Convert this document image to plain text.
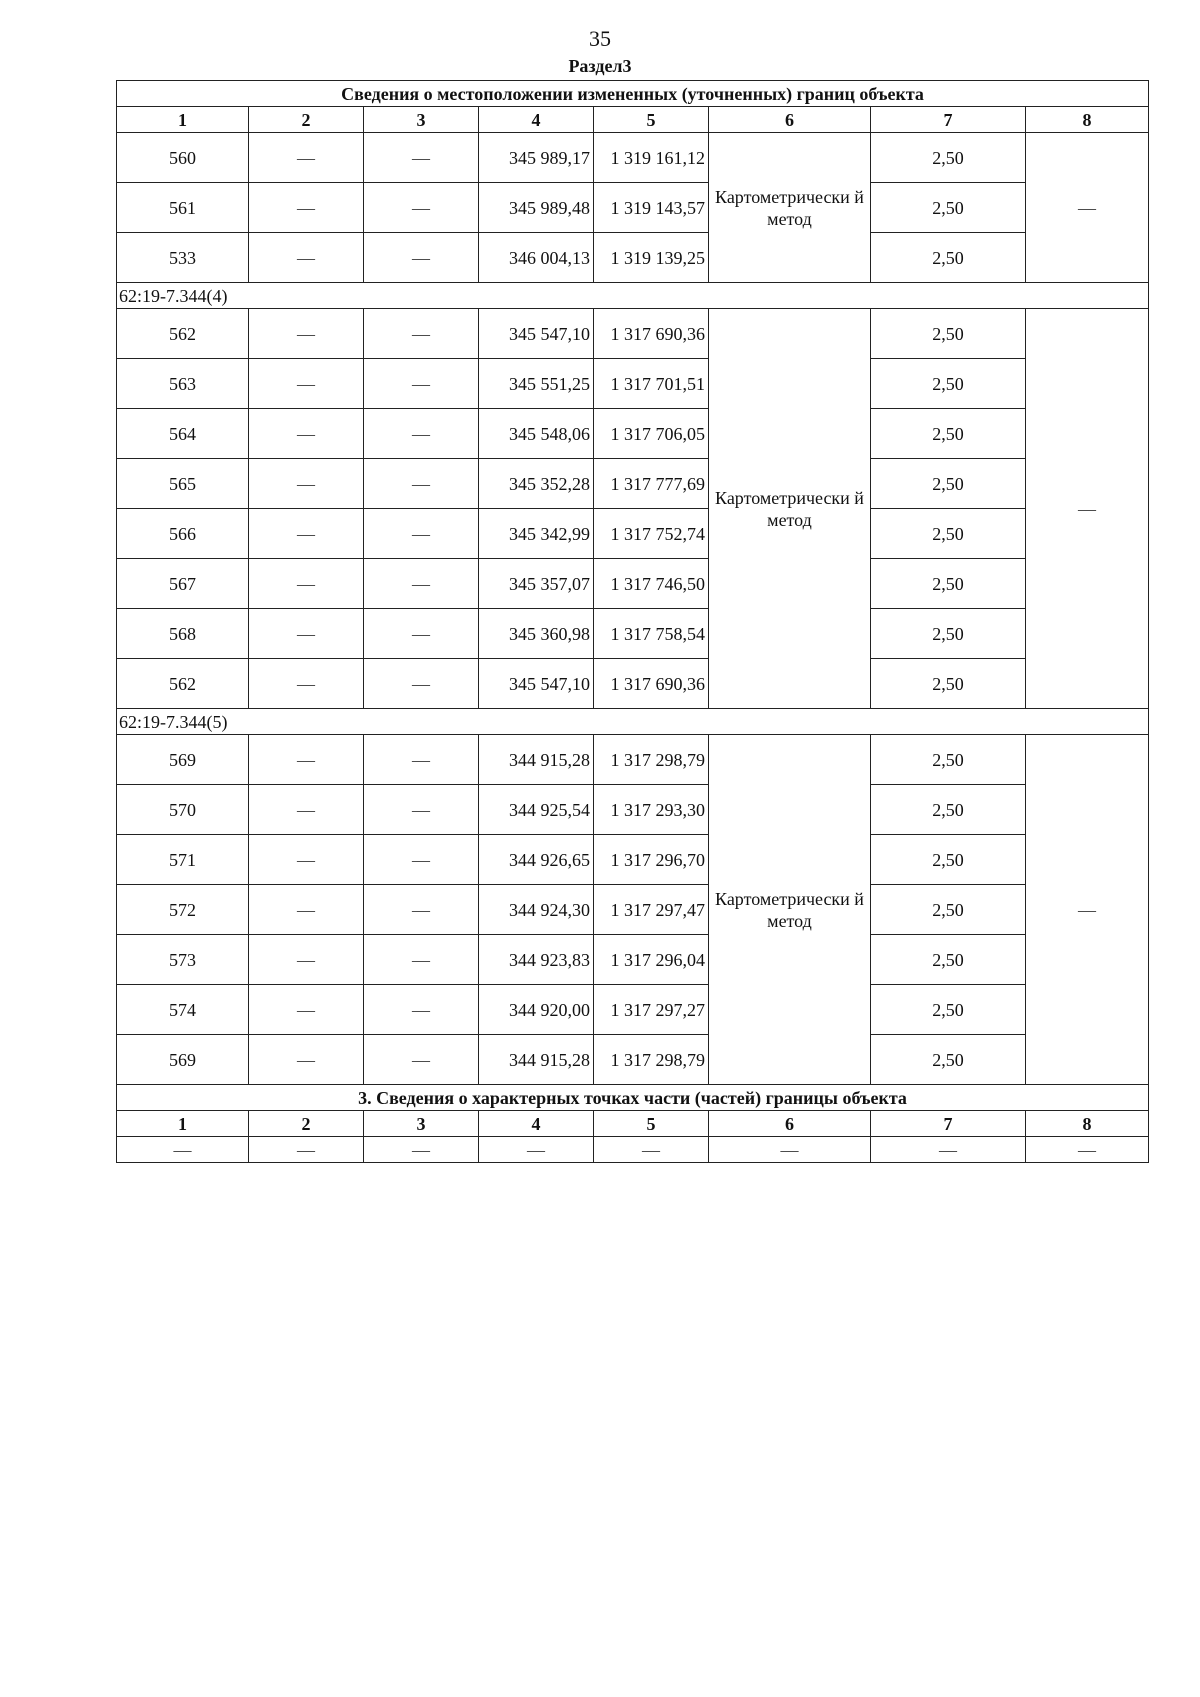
35
Раздел3
Сведения о местоположении измененных (уточненных) границ объекта							
1	2	3	4	5	6	7	8
560	—	—	345 989,17	1 319 161,12	Картометрически й метод	2,50	—
561	—	—	345 989,48	1 319 143,57		2,50	
533	—	—	346 004,13	1 319 139,25		2,50	
62:19-7.344(4)							
562	—	—	345 547,10	1 317 690,36	Картометрически й метод	2,50	—
563	—	—	345 551,25	1 317 701,51		2,50	
564	—	—	345 548,06	1 317 706,05		2,50	
565	—	—	345 352,28	1 317 777,69		2,50	
566	—	—	345 342,99	1 317 752,74		2,50	
567	—	—	345 357,07	1 317 746,50		2,50	
568	—	—	345 360,98	1 317 758,54		2,50	
562	—	—	345 547,10	1 317 690,36		2,50	
62:19-7.344(5)							
569	—	—	344 915,28	1 317 298,79	Картометрически й метод	2,50	—
570	—	—	344 925,54	1 317 293,30		2,50	
571	—	—	344 926,65	1 317 296,70		2,50	
572	—	—	344 924,30	1 317 297,47		2,50	
573	—	—	344 923,83	1 317 296,04		2,50	
574	—	—	344 920,00	1 317 297,27		2,50	
569	—	—	344 915,28	1 317 298,79		2,50	
3. Сведения о характерных точках части (частей) границы объекта							
1	2	3	4	5	6	7	8
—	—	—	—	—	—	—	—
